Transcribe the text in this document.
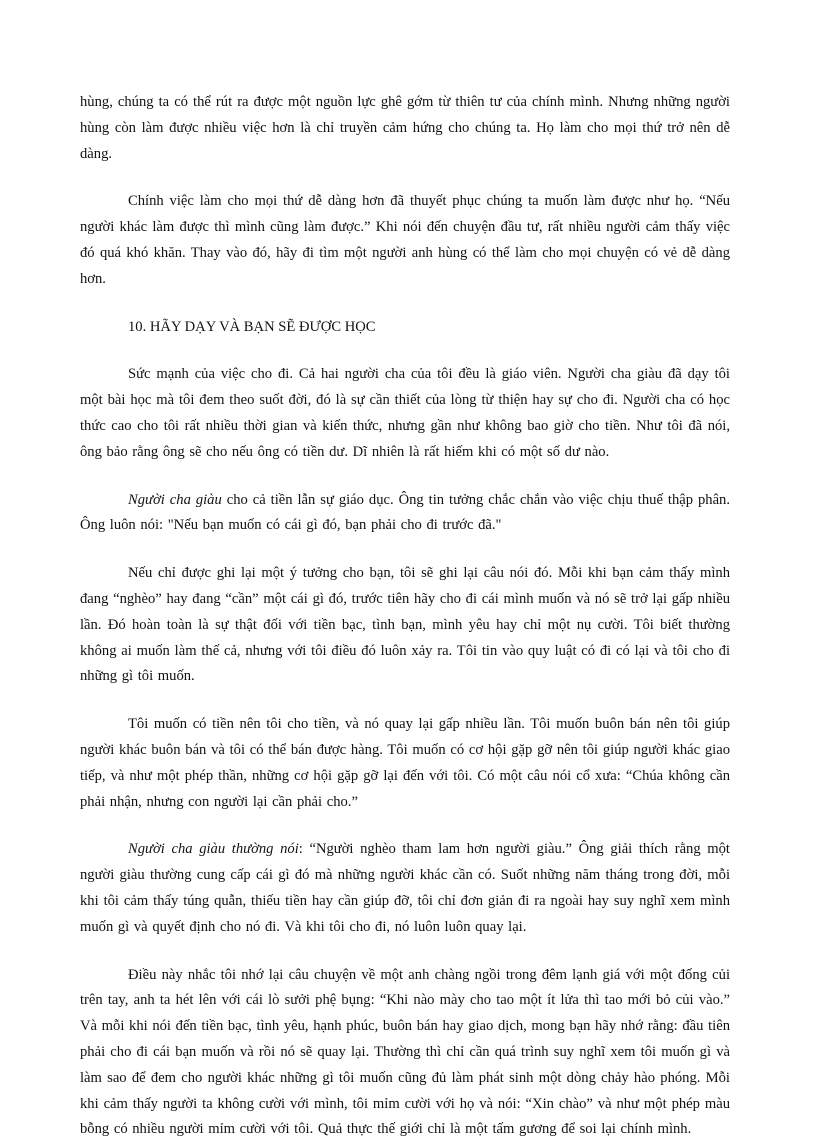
hùng, chúng ta có thể rút ra được một nguồn lực ghê gớm từ thiên tư của chính mình. Nhưng những người hùng còn làm được nhiều việc hơn là chỉ truyền cảm hứng cho chúng ta. Họ làm cho mọi thứ trở nên dễ dàng.

Chính việc làm cho mọi thứ dễ dàng hơn đã thuyết phục chúng ta muốn làm được như họ. “Nếu người khác làm được thì mình cũng làm được.” Khi nói đến chuyện đầu tư, rất nhiều người cảm thấy việc đó quá khó khăn. Thay vào đó, hãy đi tìm một người anh hùng có thể làm cho mọi chuyện có vẻ dễ dàng hơn.

10. HÃY DẠY VÀ BẠN SẼ ĐƯỢC HỌC

Sức mạnh của việc cho đi. Cả hai người cha của tôi đều là giáo viên. Người cha giàu đã dạy tôi một bài học mà tôi đem theo suốt đời, đó là sự cần thiết của lòng từ thiện hay sự cho đi. Người cha có học thức cao cho tôi rất nhiều thời gian và kiến thức, nhưng gần như không bao giờ cho tiền. Như tôi đã nói, ông bảo rằng ông sẽ cho nếu ông có tiền dư. Dĩ nhiên là rất hiếm khi có một số dư nào.

Người cha giàu cho cả tiền lẫn sự giáo dục. Ông tin tưởng chắc chắn vào việc chịu thuế thập phân. Ông luôn nói: "Nếu bạn muốn có cái gì đó, bạn phải cho đi trước đã."

Nếu chỉ được ghi lại một ý tưởng cho bạn, tôi sẽ ghi lại câu nói đó. Mỗi khi bạn cảm thấy mình đang “nghèo” hay đang “cần” một cái gì đó, trước tiên hãy cho đi cái mình muốn và nó sẽ trở lại gấp nhiều lần. Đó hoàn toàn là sự thật đối với tiền bạc, tình bạn, mình yêu hay chỉ một nụ cười. Tôi biết thường không ai muốn làm thế cả, nhưng với tôi điều đó luôn xảy ra. Tôi tin vào quy luật có đi có lại và tôi cho đi những gì tôi muốn.

Tôi muốn có tiền nên tôi cho tiền, và nó quay lại gấp nhiều lần. Tôi muốn buôn bán nên tôi giúp người khác buôn bán và tôi có thể bán được hàng. Tôi muốn có cơ hội gặp gỡ nên tôi giúp người khác giao tiếp, và như một phép thần, những cơ hội gặp gỡ lại đến với tôi. Có một câu nói cổ xưa: “Chúa không cần phải nhận, nhưng con người lại cần phải cho.”

Người cha giàu thường nói: “Người nghèo tham lam hơn người giàu.” Ông giải thích rằng một người giàu thường cung cấp cái gì đó mà những người khác cần có. Suốt những năm tháng trong đời, mỗi khi tôi cảm thấy túng quẫn, thiếu tiền hay cần giúp đỡ, tôi chỉ đơn giản đi ra ngoài hay suy nghĩ xem mình muốn gì và quyết định cho nó đi. Và khi tôi cho đi, nó luôn luôn quay lại.

Điều này nhắc tôi nhớ lại câu chuyện về một anh chàng ngồi trong đêm lạnh giá với một đống củi trên tay, anh ta hét lên với cái lò sưởi phệ bụng: “Khi nào mày cho tao một ít lửa thì tao mới bỏ củi vào.” Và mỗi khi nói đến tiền bạc, tình yêu, hạnh phúc, buôn bán hay giao dịch, mong bạn hãy nhớ rằng: đầu tiên phải cho đi cái bạn muốn và rồi nó sẽ quay lại. Thường thì chỉ cần quá trình suy nghĩ xem tôi muốn gì và làm sao để đem cho người khác những gì tôi muốn cũng đủ làm phát sinh một dòng chảy hào phóng. Mỗi khi cảm thấy người ta không cười với mình, tôi mỉm cười với họ và nói: “Xin chào” và như một phép màu bỗng có nhiều người mỉm cười với tôi. Quả thực thế giới chỉ là một tấm gương để soi lại chính mình.
